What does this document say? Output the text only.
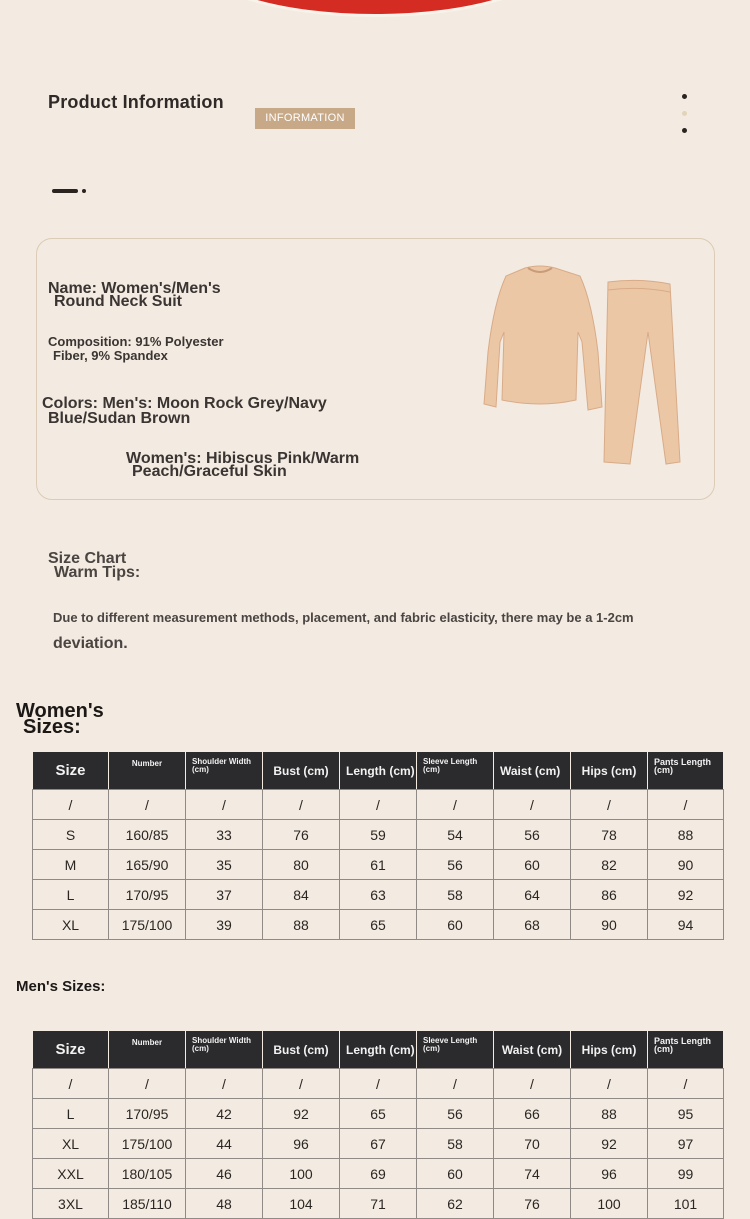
Product Information
INFORMATION
Name: Women's/Men's
Round Neck Suit
Composition: 91% Polyester
Fiber, 9% Spandex
Colors: Men's: Moon Rock Grey/Navy
Blue/Sudan Brown
Women's: Hibiscus Pink/Warm
Peach/Graceful Skin
Size Chart
Warm Tips:
Due to different measurement methods, placement, and fabric elasticity, there may be a 1-2cm
deviation.
Women's
Sizes:
Size	Number	Shoulder Width (cm)	Bust (cm)	Length (cm)	Sleeve Length (cm)	Waist (cm)	Hips (cm)	Pants Length (cm)
/	/	/	/	/	/	/	/	/
S	160/85	33	76	59	54	56	78	88
M	165/90	35	80	61	56	60	82	90
L	170/95	37	84	63	58	64	86	92
XL	175/100	39	88	65	60	68	90	94
Men's Sizes:
Size	Number	Shoulder Width (cm)	Bust (cm)	Length (cm)	Sleeve Length (cm)	Waist (cm)	Hips (cm)	Pants Length (cm)
/	/	/	/	/	/	/	/	/
L	170/95	42	92	65	56	66	88	95
XL	175/100	44	96	67	58	70	92	97
XXL	180/105	46	100	69	60	74	96	99
3XL	185/110	48	104	71	62	76	100	101
